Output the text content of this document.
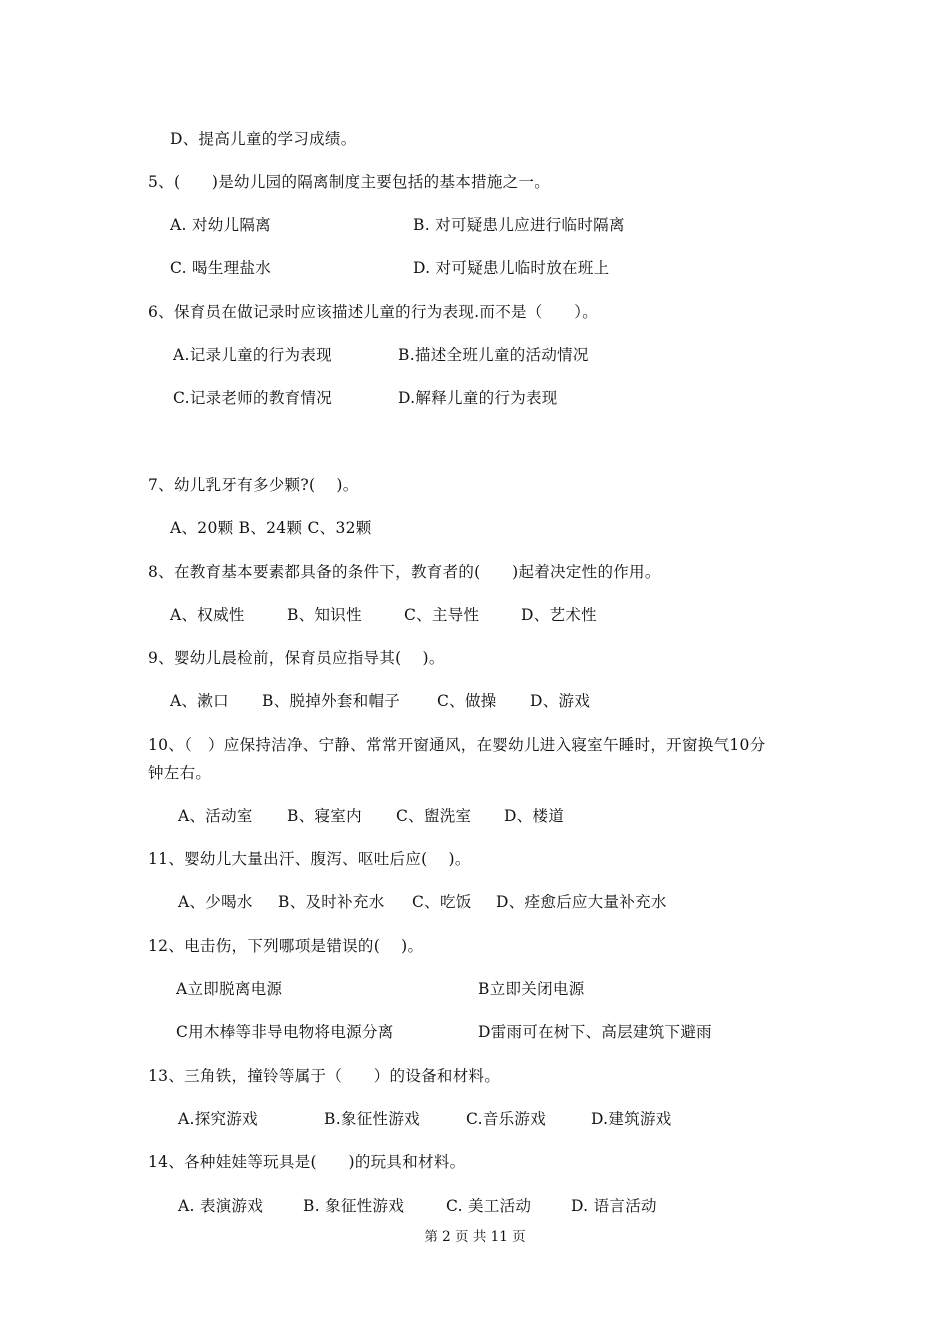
D、提高儿童的学习成绩。
5、(　　)是幼儿园的隔离制度主要包括的基本措施之一。
A. 对幼儿隔离	B. 对可疑患儿应进行临时隔离
C. 喝生理盐水	D. 对可疑患儿临时放在班上
6、保育员在做记录时应该描述儿童的行为表现.而不是（　　）。
A.记录儿童的行为表现	B.描述全班儿童的活动情况
C.记录老师的教育情况	D.解释儿童的行为表现
7、幼儿乳牙有多少颗?(　 )。
A、20颗 B、24颗 C、32颗
8、在教育基本要素都具备的条件下，教育者的(　　)起着决定性的作用。
A、权威性	B、知识性	C、主导性	D、艺术性
9、婴幼儿晨检前，保育员应指导其(　 )。
A、漱口 B、脱掉外套和帽子 C、做操 D、游戏
10、（　）应保持洁净、宁静、常常开窗通风，在婴幼儿进入寝室午睡时，开窗换气10分
钟左右。
A、活动室 B、寝室内 C、盥洗室 D、楼道
11、婴幼儿大量出汗、腹泻、呕吐后应(　 )。
A、少喝水 B、及时补充水 C、吃饭 D、痊愈后应大量补充水
12、电击伤，下列哪项是错误的(　 )。
A立即脱离电源	B立即关闭电源
C用木棒等非导电物将电源分离	D雷雨可在树下、高层建筑下避雨
13、三角铁，撞铃等属于（　　）的设备和材料。
A.探究游戏	B.象征性游戏	C.音乐游戏	D.建筑游戏
14、各种娃娃等玩具是(　　)的玩具和材料。
A. 表演游戏	B. 象征性游戏	C. 美工活动	D. 语言活动
第 2 页 共 11 页
